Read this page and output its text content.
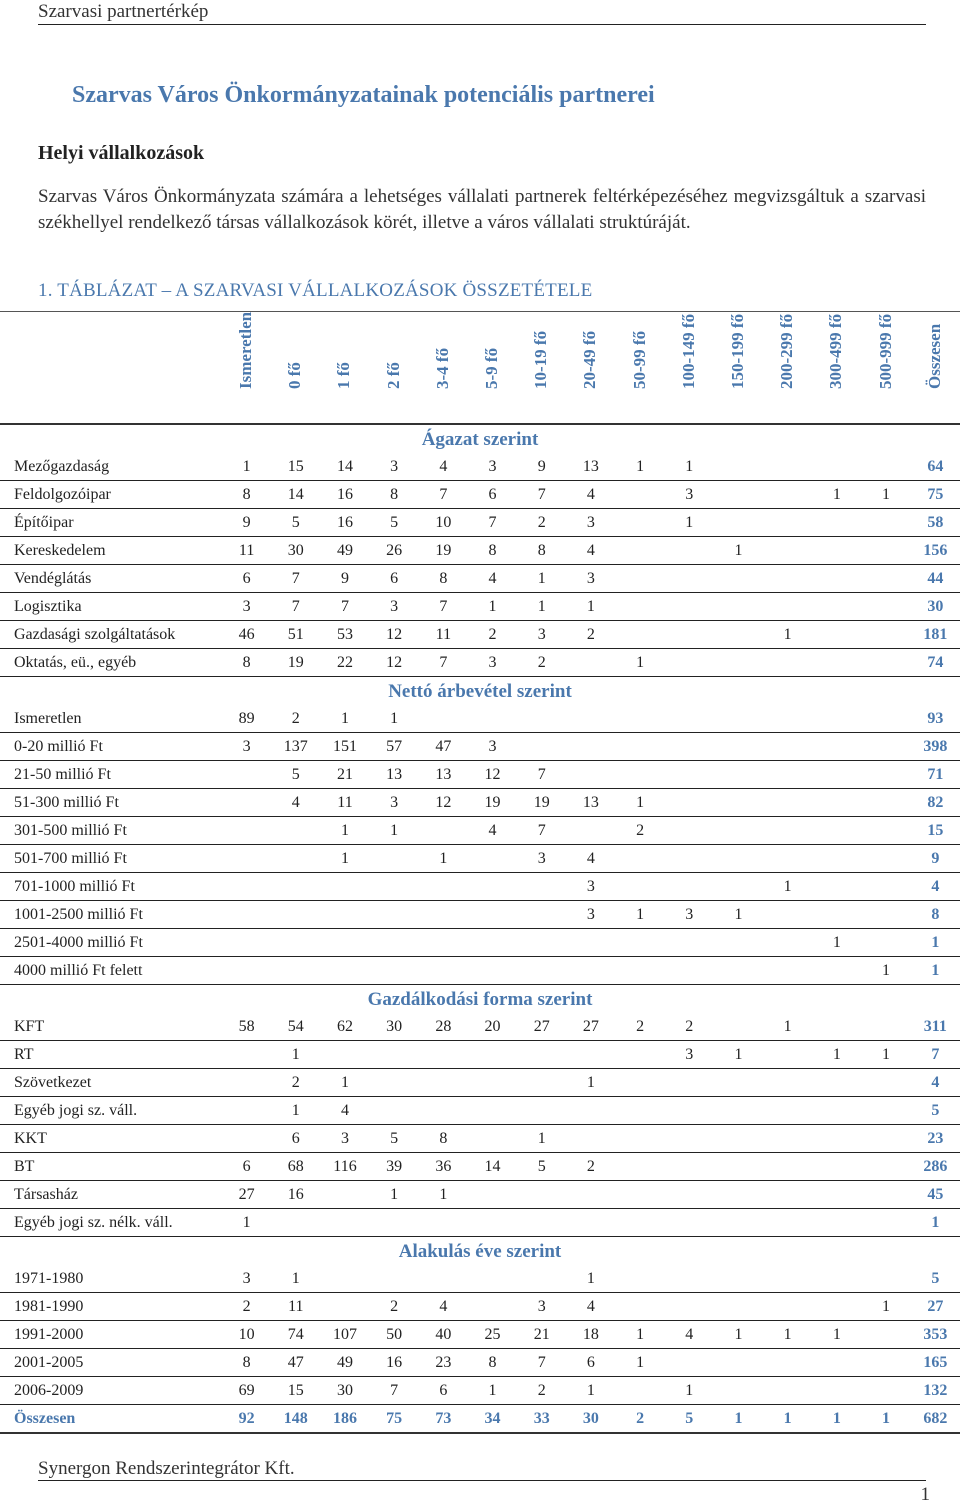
Szarvasi partnertérkép
Szarvas Város Önkormányzatainak potenciális partnerei
Helyi vállalkozások

Szarvas Város Önkormányzata számára a lehetséges vállalati partnerek feltérképezéséhez megvizsgáltuk a szarvasi székhellyel rendelkező társas vállalkozások körét, illetve a város vállalati struktúráját.

1. TÁBLÁZAT – A SZARVASI VÁLLALKOZÁSOK ÖSSZETÉTELE
Ismeretlen 0 fő 1 fő 2 fő 3-4 fő 5-9 fő 10-19 fő 20-49 fő 50-99 fő 100-149 fő 150-199 fő 200-299 fő 300-499 fő 500-999 fő Összesen
Ágazat szerint															
Mezőgazdaság	1	15	14	3	4	3	9	13	1	1					64
Feldolgozóipar	8	14	16	8	7	6	7	4		3			1	1	75
Építőipar	9	5	16	5	10	7	2	3		1					58
Kereskedelem	11	30	49	26	19	8	8	4			1				156
Vendéglátás	6	7	9	6	8	4	1	3							44
Logisztika	3	7	7	3	7	1	1	1							30
Gazdasági szolgáltatások	46	51	53	12	11	2	3	2				1			181
Oktatás, eü., egyéb	8	19	22	12	7	3	2		1						74
Nettó árbevétel szerint															
Ismeretlen	89	2	1	1											93
0-20 millió Ft	3	137	151	57	47	3									398
21-50 millió Ft		5	21	13	13	12	7								71
51-300 millió Ft		4	11	3	12	19	19	13	1						82
301-500 millió Ft			1	1		4	7		2						15
501-700 millió Ft			1		1		3	4							9
701-1000 millió Ft								3				1			4
1001-2500 millió Ft								3	1	3	1				8
2501-4000 millió Ft													1		1
4000 millió Ft felett														1	1
Gazdálkodási forma szerint															
KFT	58	54	62	30	28	20	27	27	2	2		1			311
RT		1								3	1		1	1	7
Szövetkezet		2	1					1							4
Egyéb jogi sz. váll.		1	4												5
KKT		6	3	5	8		1								23
BT	6	68	116	39	36	14	5	2							286
Társasház	27	16		1	1										45
Egyéb jogi sz. nélk. váll.	1														1
Alakulás éve szerint															
1971-1980	3	1						1							5
1981-1990	2	11		2	4		3	4						1	27
1991-2000	10	74	107	50	40	25	21	18	1	4	1	1	1		353
2001-2005	8	47	49	16	23	8	7	6	1						165
2006-2009	69	15	30	7	6	1	2	1		1					132
Összesen	92	148	186	75	73	34	33	30	2	5	1	1	1	1	682
Synergon Rendszerintegrátor Kft.
1
